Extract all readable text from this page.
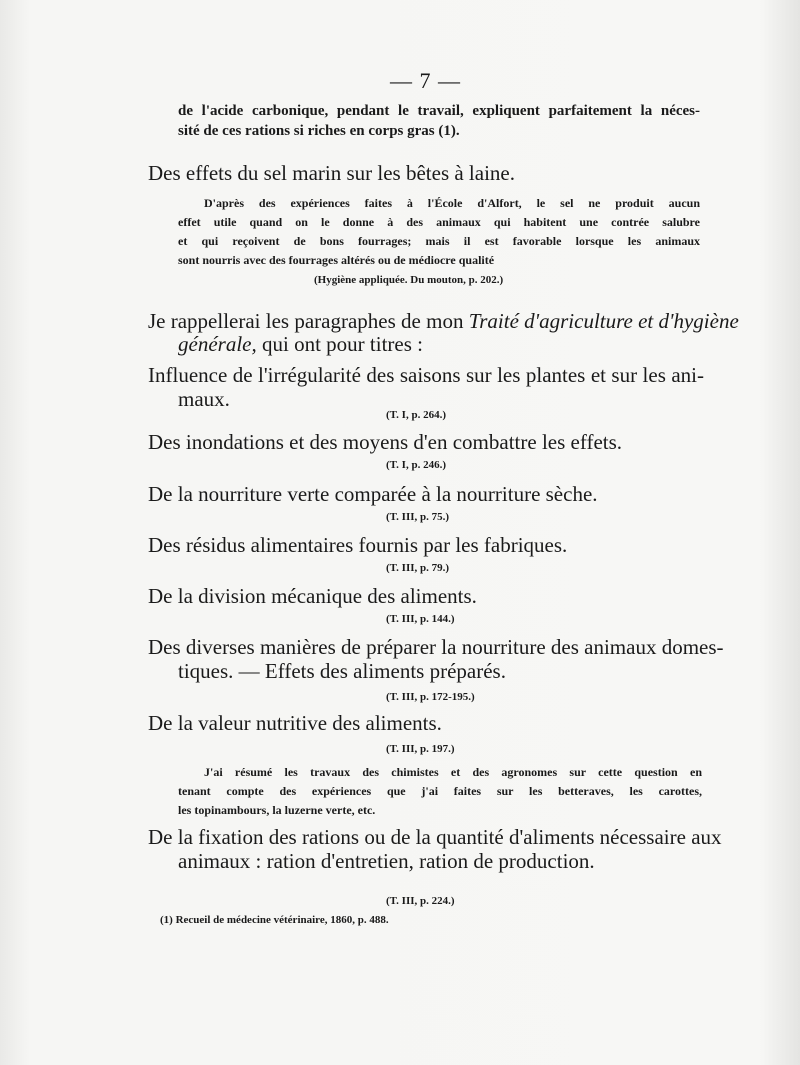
— 7 —
de l'acide carbonique, pendant le travail, expliquent parfaitement la néces-
sité de ces rations si riches en corps gras (1).
Des effets du sel marin sur les bêtes à laine.
D'après des expériences faites à l'École d'Alfort, le sel ne produit aucun
effet utile quand on le donne à des animaux qui habitent une contrée salubre
et qui reçoivent de bons fourrages; mais il est favorable lorsque les animaux
sont nourris avec des fourrages altérés ou de médiocre qualité
(Hygiène appliquée. Du mouton, p. 202.)
Je rappellerai les paragraphes de mon Traité d'agriculture et d'hygiène
générale, qui ont pour titres :
Influence de l'irrégularité des saisons sur les plantes et sur les ani-
maux.
(T. I, p. 264.)
Des inondations et des moyens d'en combattre les effets.
(T. I, p. 246.)
De la nourriture verte comparée à la nourriture sèche.
(T. III, p. 75.)
Des résidus alimentaires fournis par les fabriques.
(T. III, p. 79.)
De la division mécanique des aliments.
(T. III, p. 144.)
Des diverses manières de préparer la nourriture des animaux domes-
tiques. — Effets des aliments préparés.
(T. III, p. 172-195.)
De la valeur nutritive des aliments.
(T. III, p. 197.)
J'ai résumé les travaux des chimistes et des agronomes sur cette question en
tenant compte des expériences que j'ai faites sur les betteraves, les carottes,
les topinambours, la luzerne verte, etc.
De la fixation des rations ou de la quantité d'aliments nécessaire aux
animaux : ration d'entretien, ration de production.
(T. III, p. 224.)
(1) Recueil de médecine vétérinaire, 1860, p. 488.
